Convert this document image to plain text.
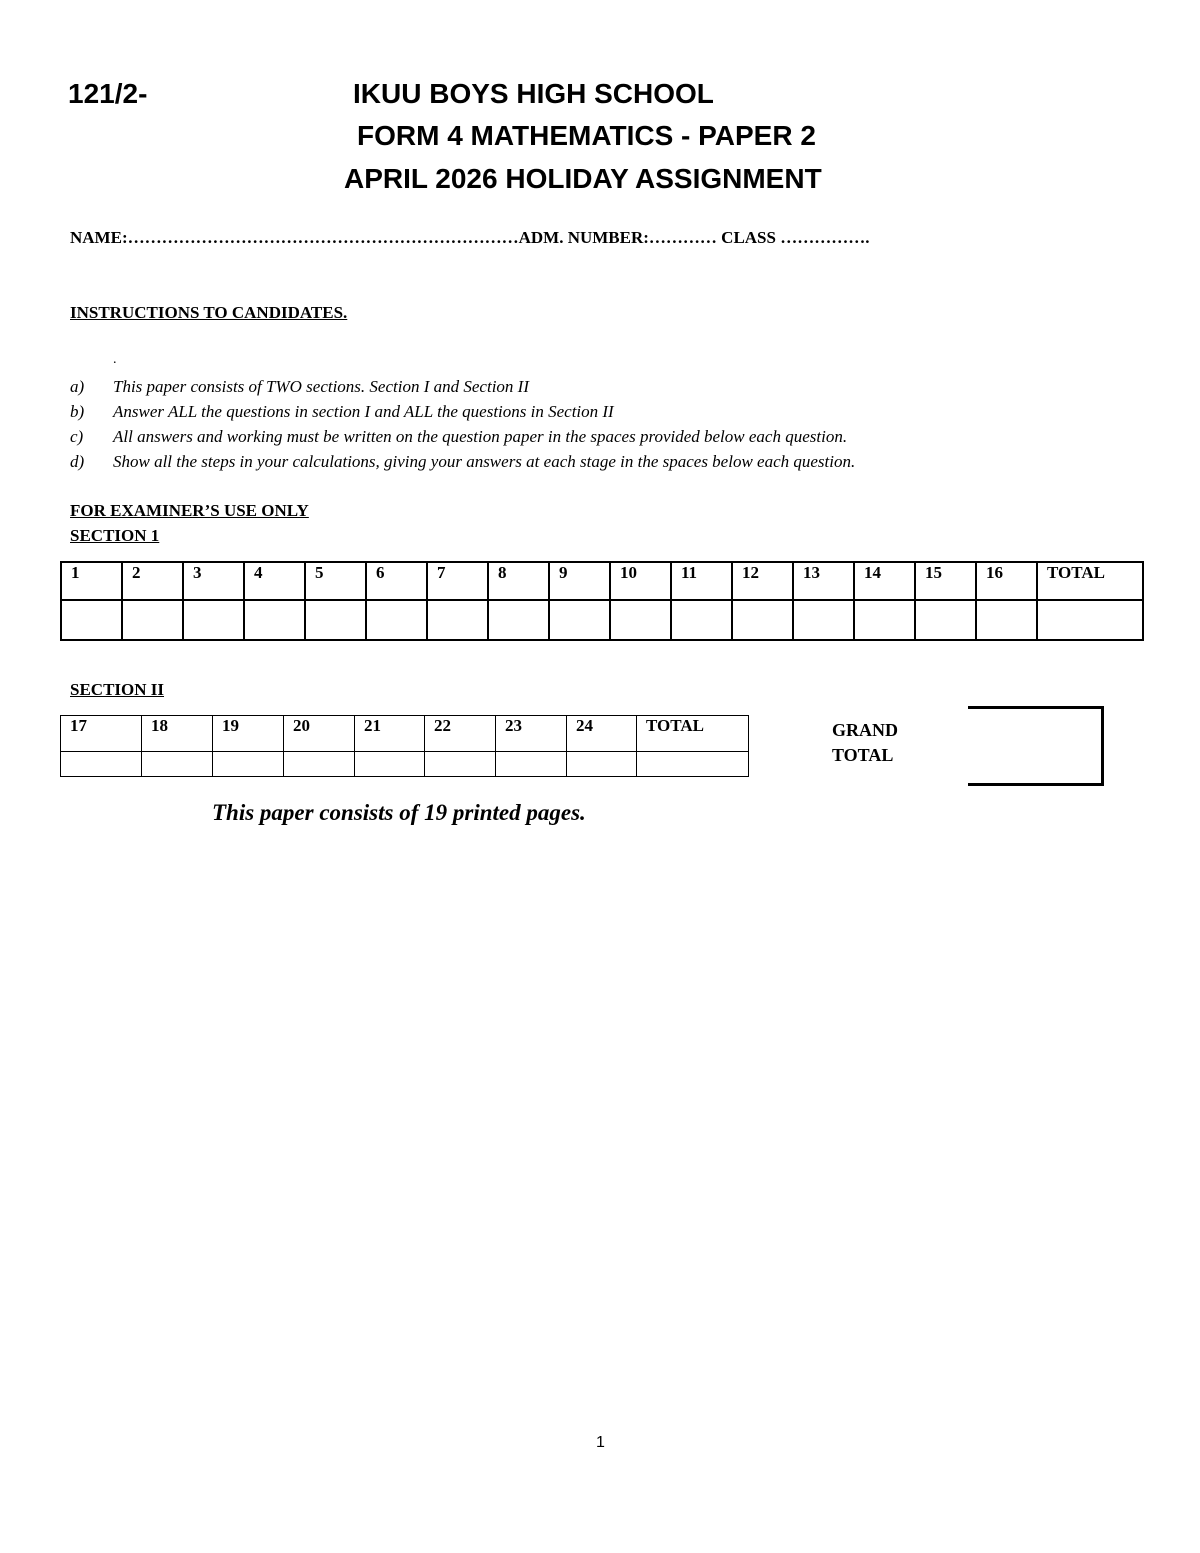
121/2-	IKUU BOYS HIGH SCHOOL
FORM 4 MATHEMATICS - PAPER 2
APRIL 2026 HOLIDAY ASSIGNMENT
NAME:……………………………………………………………ADM. NUMBER:………… CLASS …………….
INSTRUCTIONS TO CANDIDATES.
.
a) This paper consists of TWO sections. Section I and Section II
b) Answer ALL the questions in section I and ALL the questions in Section II
c) All answers and working must be written on the question paper in the spaces provided below each question.
d) Show all the steps in your calculations, giving your answers at each stage in the spaces below each question.
FOR EXAMINER’S USE ONLY
SECTION 1
1	2	3	4	5	6	7	8	9	10	11	12	13	14	15	16	TOTAL

SECTION II
17	18	19	20	21	22	23	24	TOTAL
									GRAND
TOTAL
This paper consists of 19 printed pages.
1
